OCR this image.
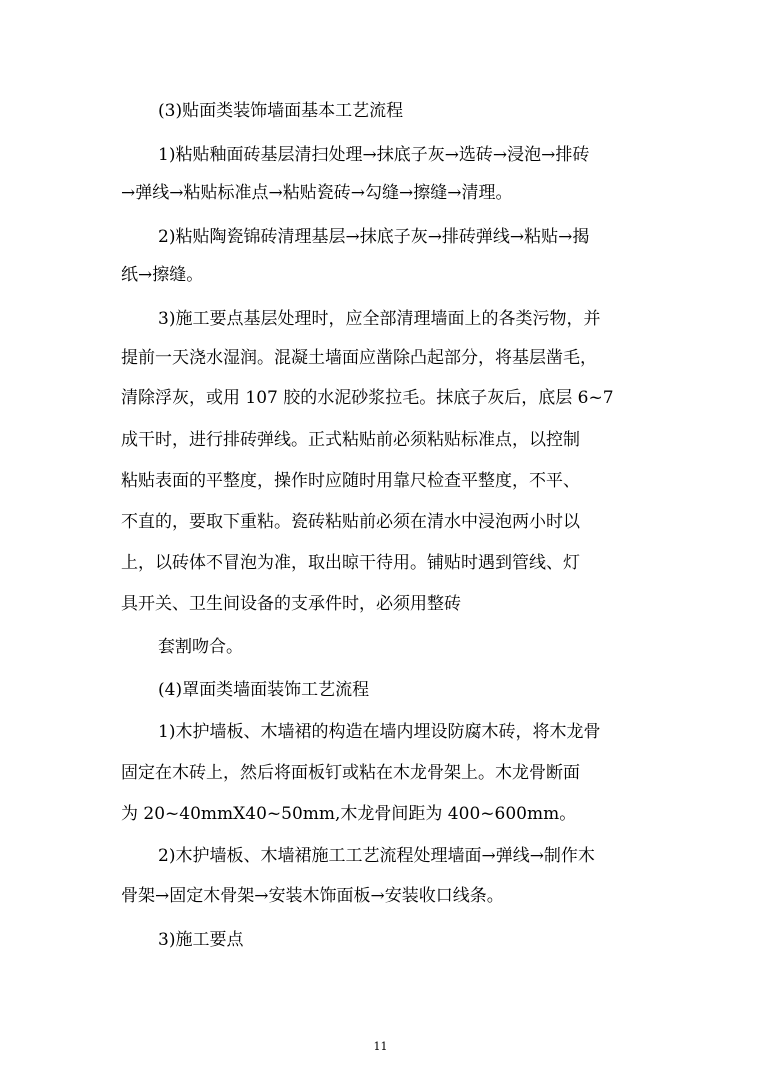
(3)贴面类装饰墙面基本工艺流程
1)粘贴釉面砖基层清扫处理→抹底子灰→选砖→浸泡→排砖
→弹线→粘贴标准点→粘贴瓷砖→勾缝→擦缝→清理。
2)粘贴陶瓷锦砖清理基层→抹底子灰→排砖弹线→粘贴→揭
纸→擦缝。
3)施工要点基层处理时，应全部清理墙面上的各类污物，并
提前一天浇水湿润。混凝土墙面应凿除凸起部分，将基层凿毛，
清除浮灰，或用 107 胶的水泥砂浆拉毛。抹底子灰后，底层 6~7
成干时，进行排砖弹线。正式粘贴前必须粘贴标准点，以控制
粘贴表面的平整度，操作时应随时用靠尺检查平整度，不平、
不直的，要取下重粘。瓷砖粘贴前必须在清水中浸泡两小时以
上，以砖体不冒泡为准，取出晾干待用。铺贴时遇到管线、灯
具开关、卫生间设备的支承件时，必须用整砖
套割吻合。
(4)罩面类墙面装饰工艺流程
1)木护墙板、木墙裙的构造在墙内埋设防腐木砖，将木龙骨
固定在木砖上，然后将面板钉或粘在木龙骨架上。木龙骨断面
为 20~40mmX40~50mm,木龙骨间距为 400~600mm。
2)木护墙板、木墙裙施工工艺流程处理墙面→弹线→制作木
骨架→固定木骨架→安装木饰面板→安装收口线条。
3)施工要点
11
